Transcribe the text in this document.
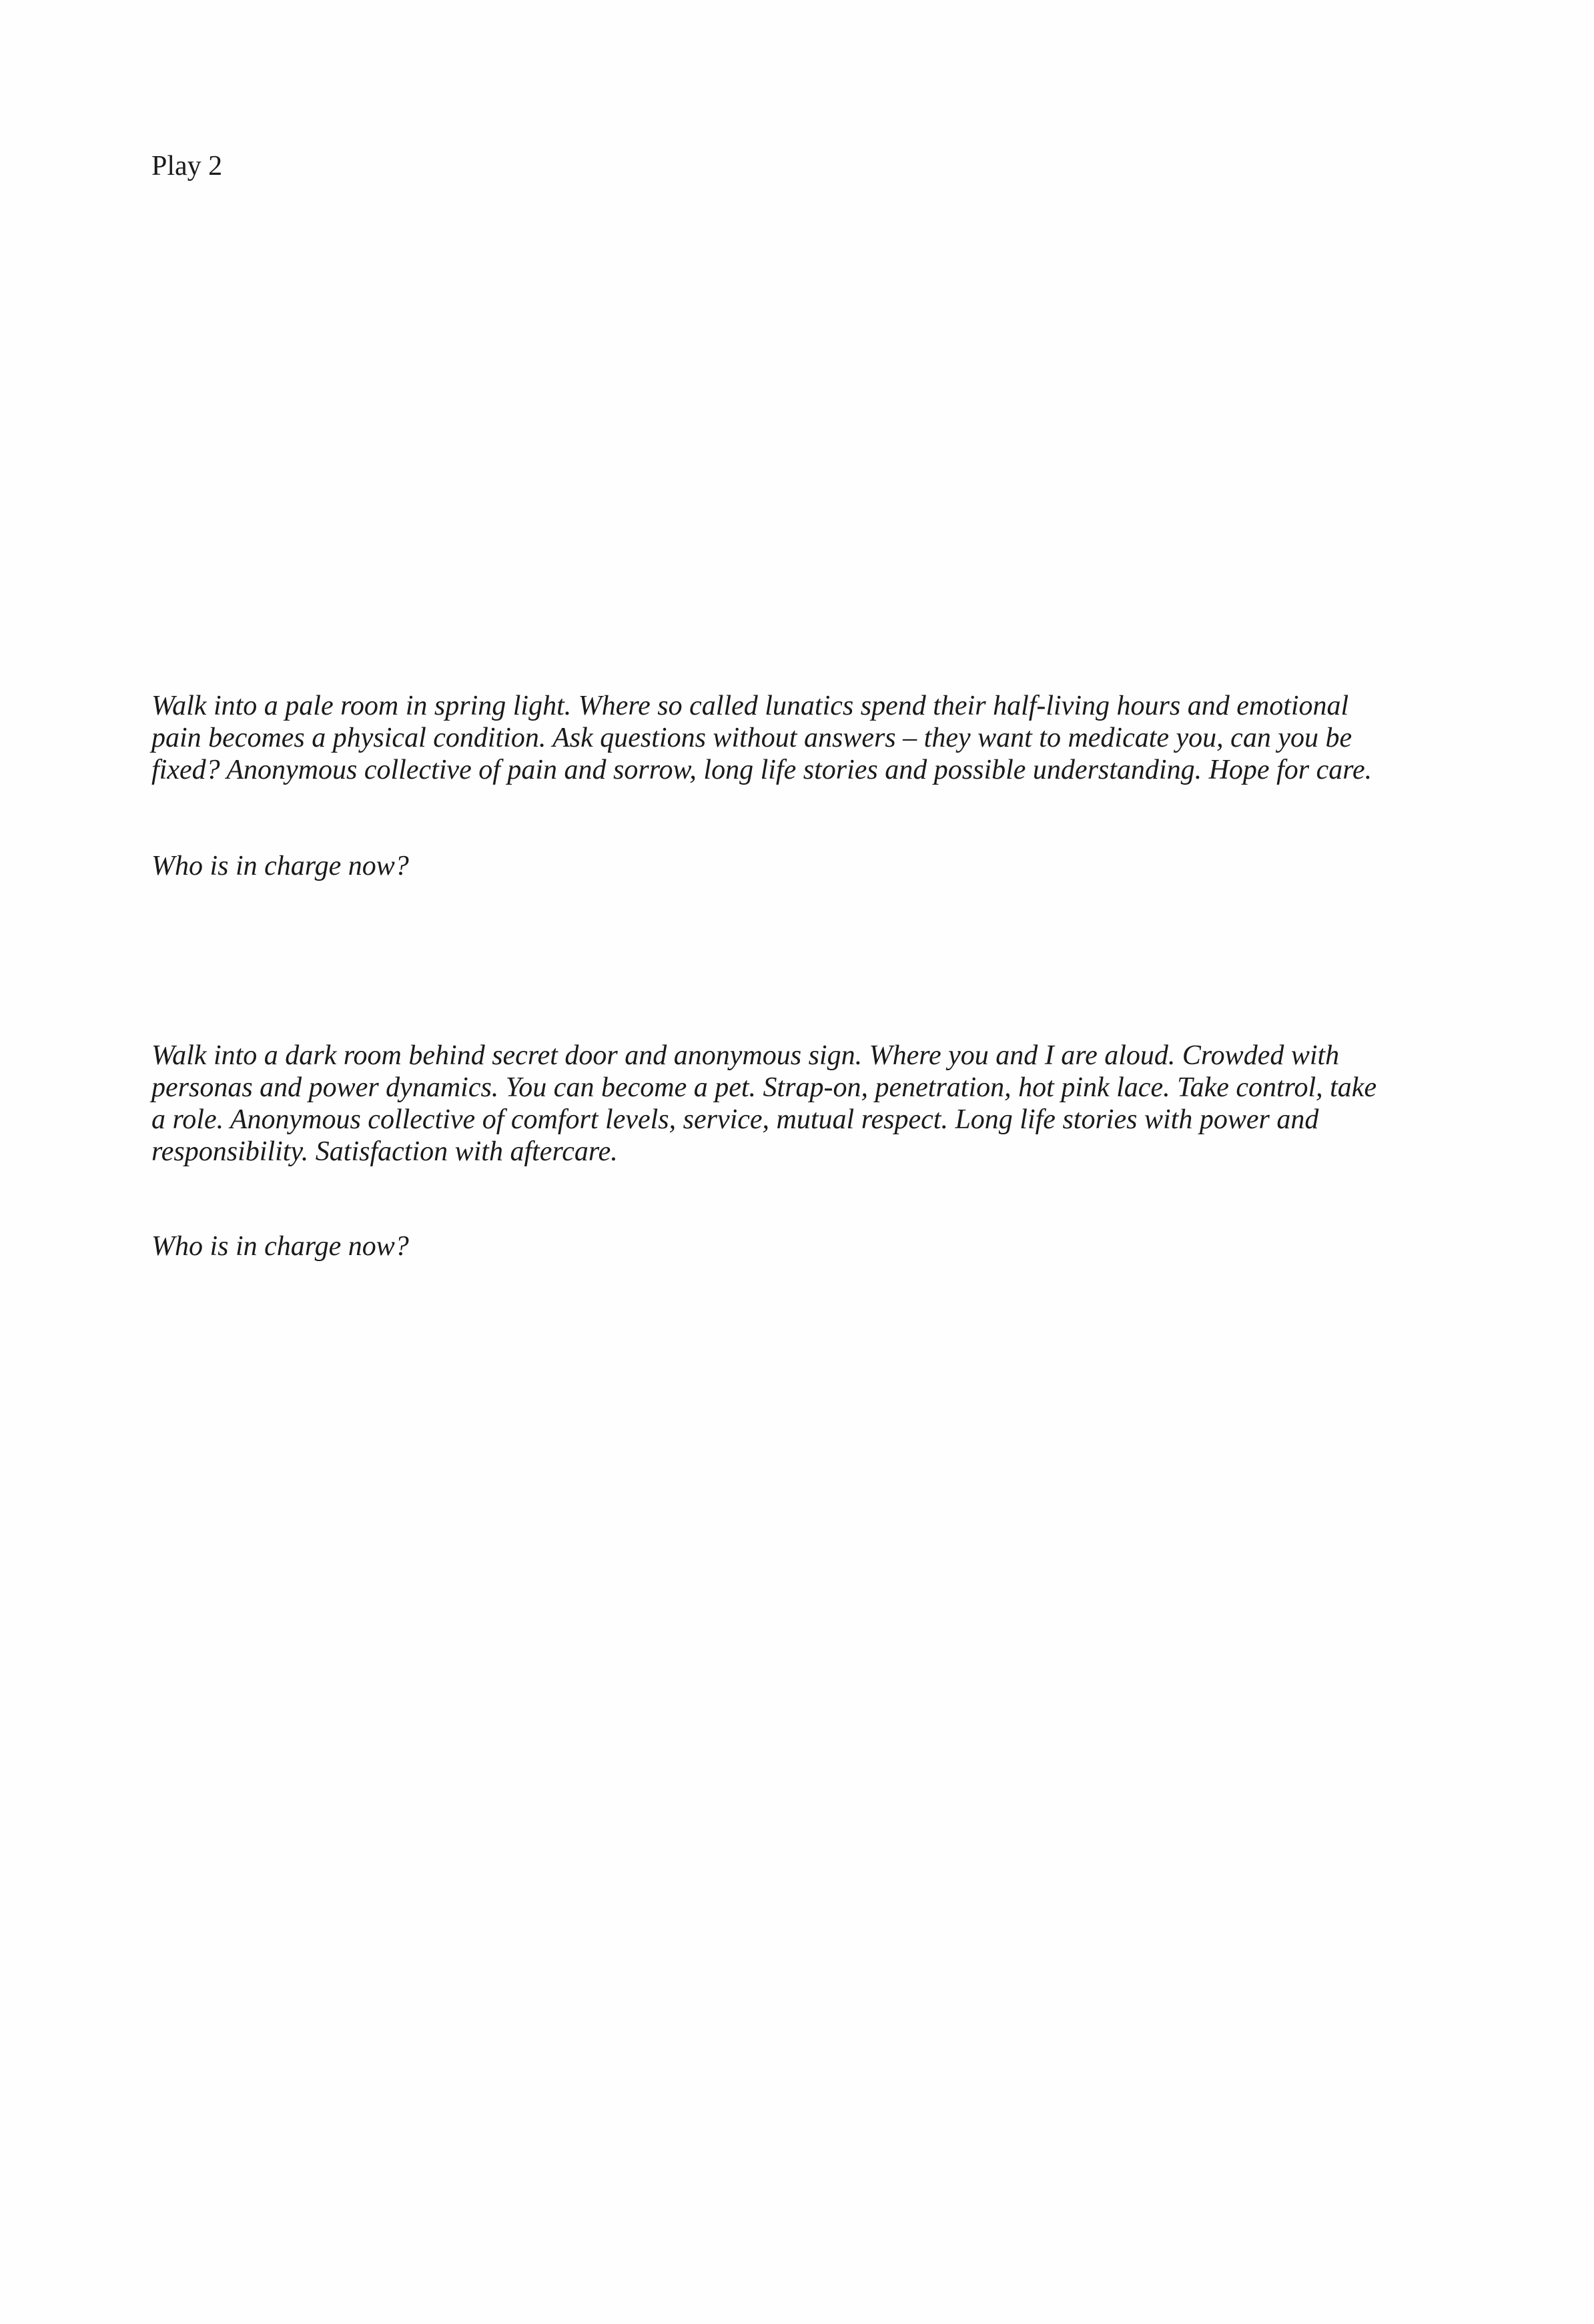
Play 2
Walk into a pale room in spring light. Where so called lunatics spend their half-living hours and emotional
pain becomes a physical condition. Ask questions without answers – they want to medicate you, can you be
fixed? Anonymous collective of pain and sorrow, long life stories and possible understanding. Hope for care.
Who is in charge now?
Walk into a dark room behind secret door and anonymous sign. Where you and I are aloud. Crowded with
personas and power dynamics. You can become a pet. Strap-on, penetration, hot pink lace. Take control, take
a role. Anonymous collective of comfort levels, service, mutual respect. Long life stories with power and
responsibility. Satisfaction with aftercare.
Who is in charge now?
